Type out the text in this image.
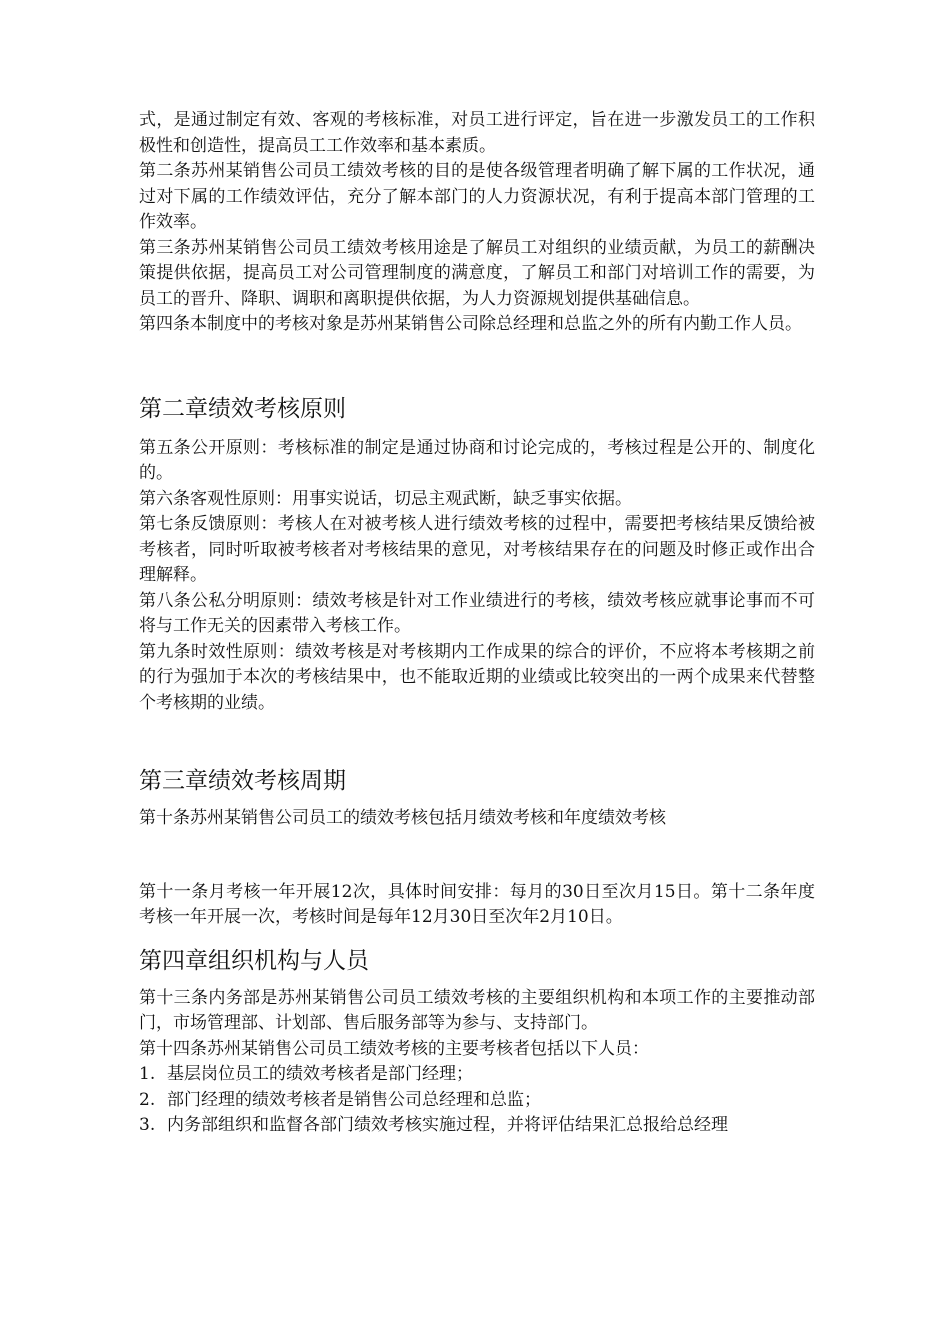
式，是通过制定有效、客观的考核标准，对员工进行评定，旨在进一步激发员工的工作积极性和创造性，提高员工工作效率和基本素质。

第二条苏州某销售公司员工绩效考核的目的是使各级管理者明确了解下属的工作状况，通过对下属的工作绩效评估，充分了解本部门的人力资源状况，有利于提高本部门管理的工作效率。

第三条苏州某销售公司员工绩效考核用途是了解员工对组织的业绩贡献，为员工的薪酬决策提供依据，提高员工对公司管理制度的满意度，了解员工和部门对培训工作的需要，为员工的晋升、降职、调职和离职提供依据，为人力资源规划提供基础信息。

第四条本制度中的考核对象是苏州某销售公司除总经理和总监之外的所有内勤工作人员。

第二章绩效考核原则

第五条公开原则：考核标准的制定是通过协商和讨论完成的，考核过程是公开的、制度化的。

第六条客观性原则：用事实说话，切忌主观武断，缺乏事实依据。

第七条反馈原则：考核人在对被考核人进行绩效考核的过程中，需要把考核结果反馈给被考核者，同时听取被考核者对考核结果的意见，对考核结果存在的问题及时修正或作出合理解释。

第八条公私分明原则：绩效考核是针对工作业绩进行的考核，绩效考核应就事论事而不可将与工作无关的因素带入考核工作。

第九条时效性原则：绩效考核是对考核期内工作成果的综合的评价，不应将本考核期之前的行为强加于本次的考核结果中，也不能取近期的业绩或比较突出的一两个成果来代替整个考核期的业绩。

第三章绩效考核周期

第十条苏州某销售公司员工的绩效考核包括月绩效考核和年度绩效考核

第十一条月考核一年开展12次，具体时间安排：每月的30日至次月15日。第十二条年度考核一年开展一次，考核时间是每年12月30日至次年2月10日。

第四章组织机构与人员

第十三条内务部是苏州某销售公司员工绩效考核的主要组织机构和本项工作的主要推动部门，市场管理部、计划部、售后服务部等为参与、支持部门。

第十四条苏州某销售公司员工绩效考核的主要考核者包括以下人员：

1. 基层岗位员工的绩效考核者是部门经理；
2. 部门经理的绩效考核者是销售公司总经理和总监；
3. 内务部组织和监督各部门绩效考核实施过程，并将评估结果汇总报给总经理
